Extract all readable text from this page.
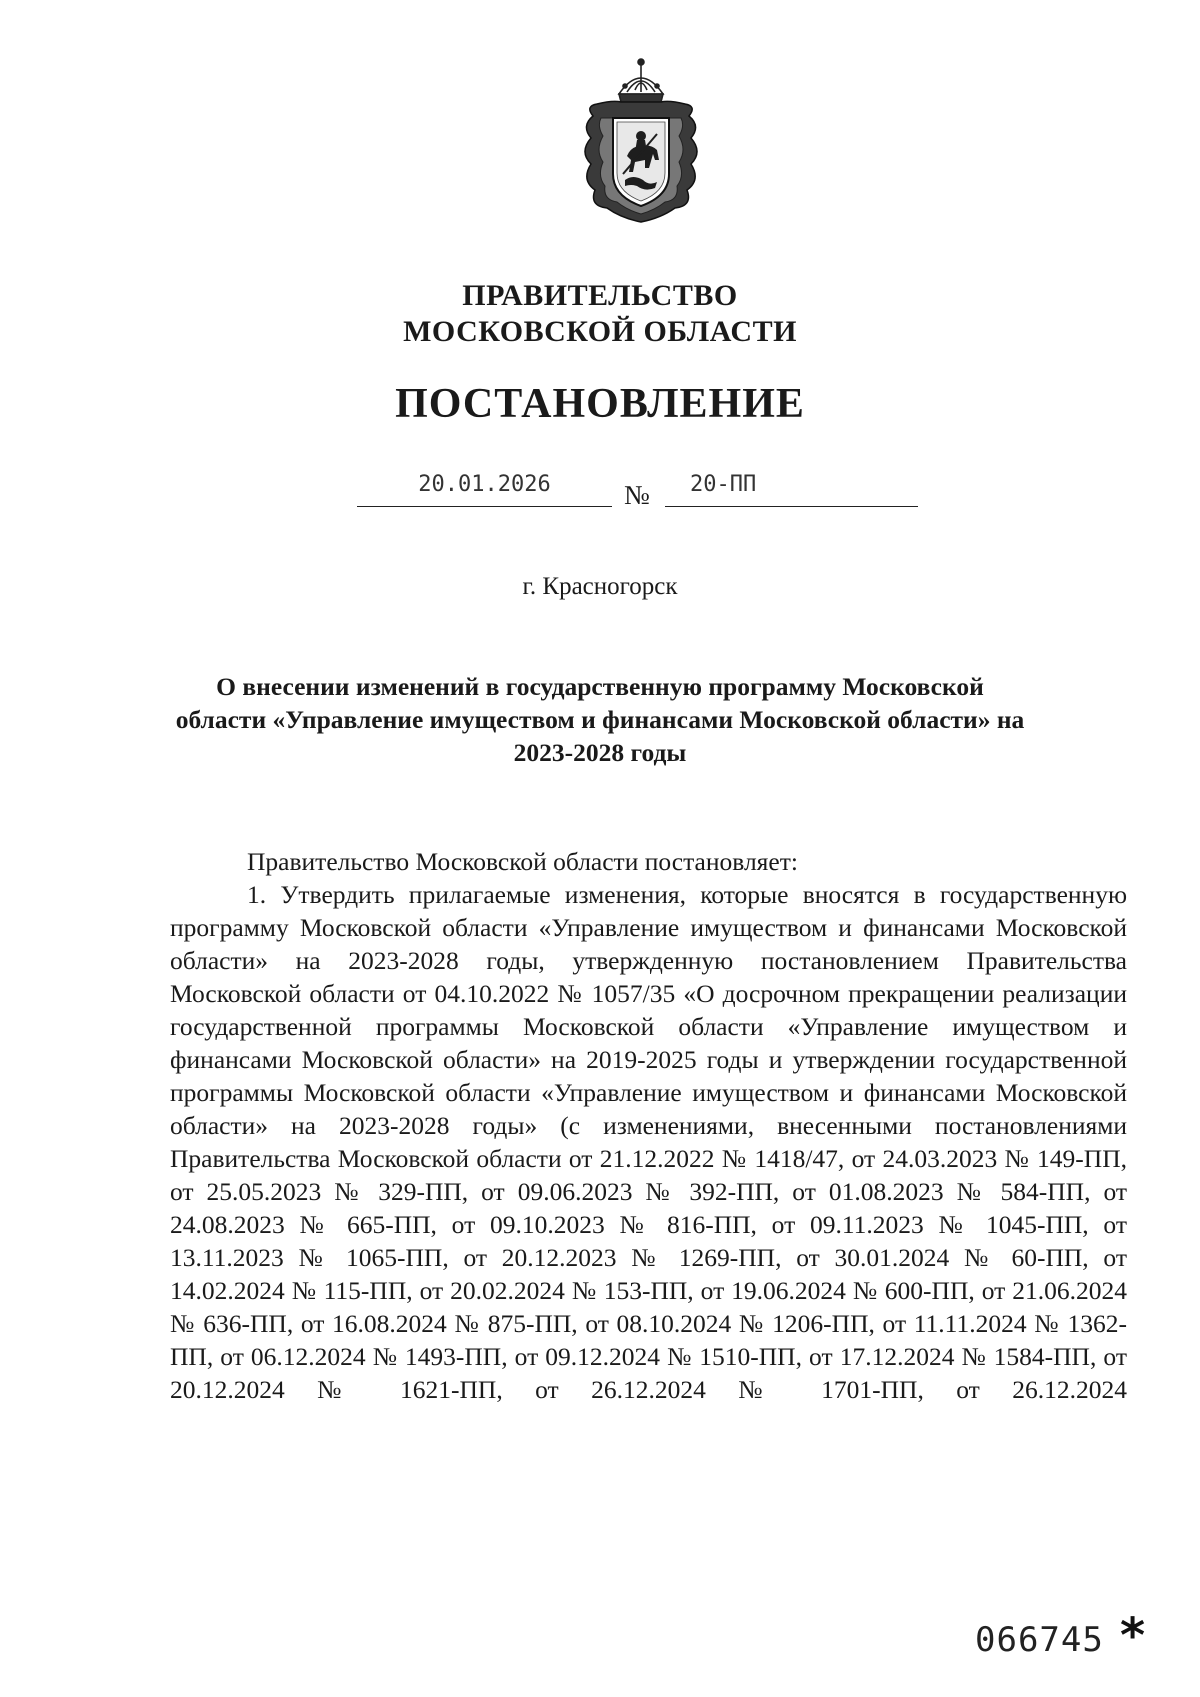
ПРАВИТЕЛЬСТВО
МОСКОВСКОЙ ОБЛАСТИ
ПОСТАНОВЛЕНИЕ
20.01.2026	№	20-ПП
г. Красногорск
О внесении изменений в государственную программу Московской области «Управление имуществом и финансами Московской области» на 2023-2028 годы

Правительство Московской области постановляет:

1. Утвердить прилагаемые изменения, которые вносятся в государственную программу Московской области «Управление имуществом и финансами Московской области» на 2023-2028 годы, утвержденную постановлением Правительства Московской области от 04.10.2022 № 1057/35 «О досрочном прекращении реализации государственной программы Московской области «Управление имуществом и финансами Московской области» на 2019-2025 годы и утверждении государственной программы Московской области «Управление имуществом и финансами Московской области» на 2023-2028 годы» (с изменениями, внесенными постановлениями Правительства Московской области от 21.12.2022 № 1418/47, от 24.03.2023 № 149-ПП, от 25.05.2023 № 329-ПП, от 09.06.2023 № 392-ПП, от 01.08.2023 № 584-ПП, от 24.08.2023 № 665-ПП, от 09.10.2023 № 816-ПП, от 09.11.2023 № 1045-ПП, от 13.11.2023 № 1065-ПП, от 20.12.2023 № 1269-ПП, от 30.01.2024 № 60-ПП, от 14.02.2024 № 115-ПП, от 20.02.2024 № 153-ПП, от 19.06.2024 № 600-ПП, от 21.06.2024 № 636-ПП, от 16.08.2024 № 875-ПП, от 08.10.2024 № 1206-ПП, от 11.11.2024 № 1362-ПП, от 06.12.2024 № 1493-ПП, от 09.12.2024 № 1510-ПП, от 17.12.2024 № 1584-ПП, от 20.12.2024 № 1621-ПП, от 26.12.2024 № 1701-ПП, от 26.12.2024

066745 *
